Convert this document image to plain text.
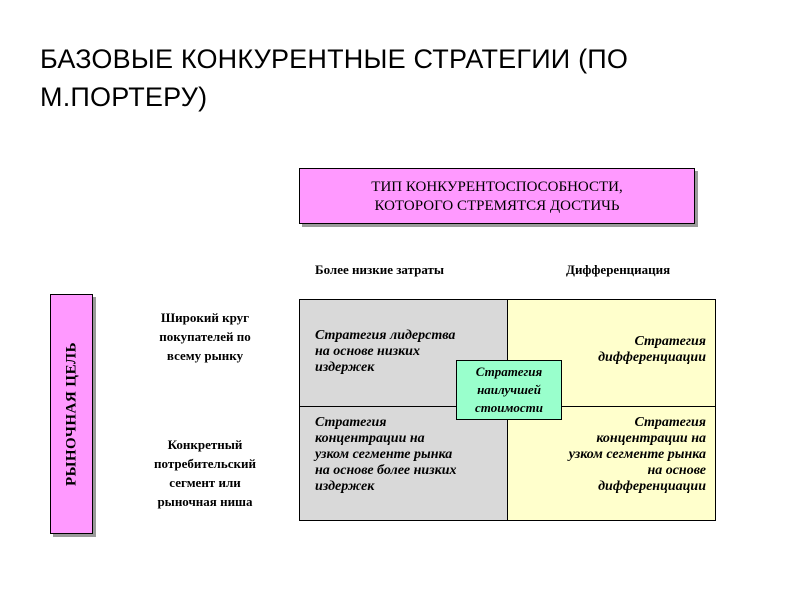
БАЗОВЫЕ КОНКУРЕНТНЫЕ СТРАТЕГИИ (ПО М.ПОРТЕРУ)
ТИП КОНКУРЕНТОСПОСОБНОСТИ,
КОТОРОГО СТРЕМЯТСЯ ДОСТИЧЬ
Более низкие затраты	Дифференциация
РЫНОЧНАЯ ЦЕЛЬ
Широкий круг
покупателей по
всему рынку
Конкретный
потребительский
сегмент или
рыночная ниша
Стратегия лидерства
на основе низких
издержек
Стратегия
дифференциации
Стратегия
концентрации на
узком сегменте рынка
на основе более низких
издержек
Стратегия
концентрации на
узком сегменте рынка
на основе
дифференциации
Стратегия
наилучшей
стоимости
